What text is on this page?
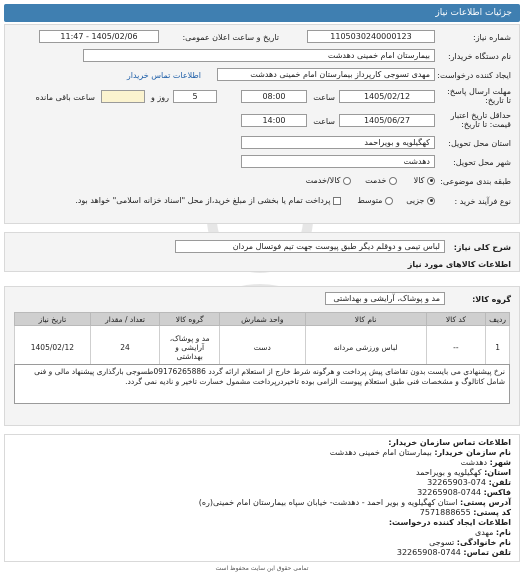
جزئیات اطلاعات نیاز
شماره نیاز:
1105030240000123
تاریخ و ساعت اعلان عمومی:
1405/02/06 - 11:47
نام دستگاه خریدار:
بیمارستان امام خمینی دهدشت
ایجاد کننده درخواست:
مهدی تسوجی کارپرداز بیمارستان امام خمینی دهدشت
اطلاعات تماس خریدار
مهلت ارسال پاسخ: تا تاریخ:
1405/02/12
ساعت
08:00
5
روز و
ساعت باقی مانده
حداقل تاریخ اعتبار قیمت: تا تاریخ:
1405/06/27
ساعت
14:00
استان محل تحویل:
کهگیلویه و بویراحمد
شهر محل تحویل:
دهدشت
طبقه بندی موضوعی:
کالا
خدمت
کالا/خدمت
نوع فرآیند خرید :
جزیی
متوسط
پرداخت تمام یا بخشی از مبلغ خرید،از محل "اسناد خزانه اسلامی" خواهد بود.
شرح کلی نیاز:
لباس تیمی و دوقلم دیگر طبق پیوست جهت تیم فوتسال مردان
اطلاعات کالاهای مورد نیاز
گروه کالا:
مد و پوشاک، آرایشی و بهداشتی
ردیف	کد کالا	نام کالا	واحد شمارش	گروه کالا	تعداد / مقدار	تاریخ نیاز
1	--	لباس ورزشی مردانه	دست	مد و پوشاک، آرایشی و بهداشتی	24	1405/02/12
نرخ پیشنهادی می بایست بدون تقاضای پیش پرداخت و هرگونه شرط خارج از استعلام ارائه گردد 09176265886طسوجی بارگذاری پیشنهاد مالی و فنی شامل کاتالوگ و مشخصات فنی طبق استعلام پیوست الزامی بوده تاخیردرپرداخت مشمول خسارت تاخیر و نادیه نمی گردد.
اطلاعات تماس سازمان خریدار:
نام سازمان خریدار: بیمارستان امام خمینی دهدشت
شهر: دهدشت
استان: کهگیلویه و بویراحمد
تلفن: 074-32265903
فاکس: 0744-32265908
آدرس پستی: استان کهگیلویه و بویر احمد - دهدشت- خیابان سپاه بیمارستان امام خمینی(ره)
کد پستی: 7571888655
اطلاعات ایجاد کننده درخواست:
نام: مهدی
نام خانوادگی: تسوجی
تلفن تماس: 0744-32265908
تمامی حقوق این سایت محفوظ است
